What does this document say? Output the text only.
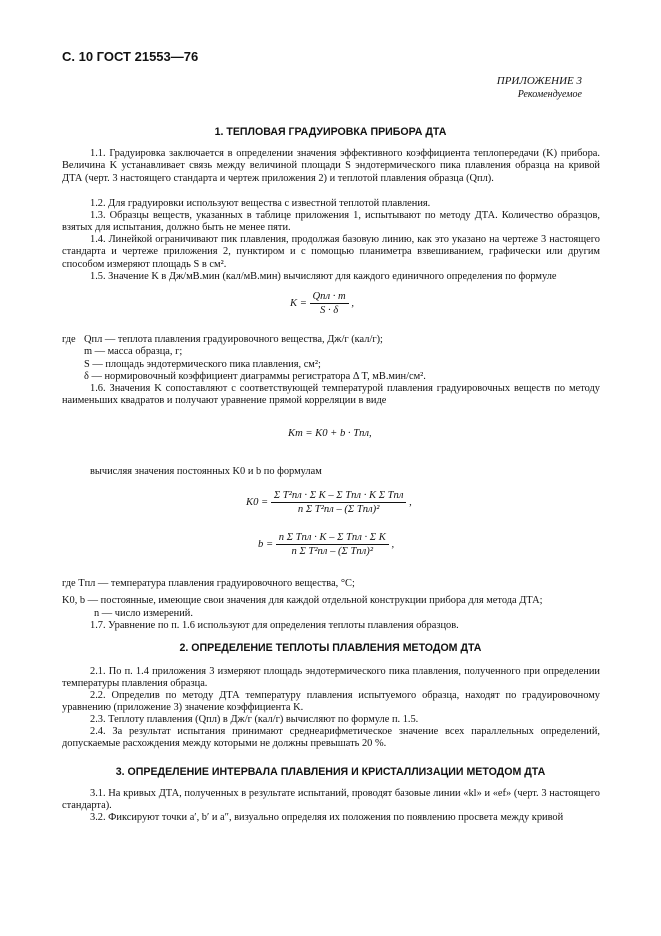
С. 10 ГОСТ 21553—76
ПРИЛОЖЕНИЕ 3
Рекомендуемое
1. ТЕПЛОВАЯ ГРАДУИРОВКА ПРИБОРА ДТА
1.1. Градуировка заключается в определении значения эффективного коэффициента теплопередачи (K) прибора. Величина K устанавливает связь между величиной площади S эндотермического пика плавления образца на кривой ДТА (черт. 3 настоящего стандарта и чертеж приложения 2) и теплотой плавления образца (Qпл).
1.2. Для градуировки используют вещества с известной теплотой плавления.
1.3. Образцы веществ, указанных в таблице приложения 1, испытывают по методу ДТА. Количество образцов, взятых для испытания, должно быть не менее пяти.
1.4. Линейкой ограничивают пик плавления, продолжая базовую линию, как это указано на чертеже 3 настоящего стандарта и чертеже приложения 2, пунктиром и с помощью планиметра взвешиванием, графически или другим способом измеряют площадь S в см².
1.5. Значение K в Дж/мВ.мин (кал/мВ.мин) вычисляют для каждого единичного определения по формуле
$K = \frac{\text{Qпл · m}}{S \cdot \delta}$ ,
где Qпл — теплота плавления градуировочного вещества, Дж/г (кал/г);
m — масса образца, г;
S — площадь эндотермического пика плавления, см²;
δ — нормировочный коэффициент диаграммы регистратора Δ T, мВ.мин/см².
1.6. Значения K сопоставляют с соответствующей температурой плавления градуировочных веществ по методу наименьших квадратов и получают уравнение прямой корреляции в виде
Kт = K0 + b · Tпл,
вычисляя значения постоянных K0 и b по формулам
$K0 = \frac{\text{Σ T²пл · Σ K – Σ Tпл · K Σ Tпл}}{\text{n Σ T²пл – (Σ Tпл)²}}$ ,
$b = \frac{\text{n Σ Tпл · K – Σ Tпл · Σ K}}{\text{n Σ T²пл – (Σ Tпл)²}}$ ,
где Tпл — температура плавления градуировочного вещества, °C;
K0, b — постоянные, имеющие свои значения для каждой отдельной конструкции прибора для метода ДТА;
n — число измерений.
1.7. Уравнение по п. 1.6 используют для определения теплоты плавления образцов.
2. ОПРЕДЕЛЕНИЕ ТЕПЛОТЫ ПЛАВЛЕНИЯ МЕТОДОМ ДТА
2.1. По п. 1.4 приложения 3 измеряют площадь эндотермического пика плавления, полученного при определении температуры плавления образца.
2.2. Определив по методу ДТА температуру плавления испытуемого образца, находят по градуировочному уравнению (приложение 3) значение коэффициента K.
2.3. Теплоту плавления (Qпл) в Дж/г (кал/г) вычисляют по формуле п. 1.5.
2.4. За результат испытания принимают среднеарифметическое значение всех параллельных определений, допускаемые расхождения между которыми не должны превышать 20 %.
3. ОПРЕДЕЛЕНИЕ ИНТЕРВАЛА ПЛАВЛЕНИЯ И КРИСТАЛЛИЗАЦИИ МЕТОДОМ ДТА
3.1. На кривых ДТА, полученных в результате испытаний, проводят базовые линии «kl» и «ef» (черт. 3 настоящего стандарта).
3.2. Фиксируют точки a′, b′ и a″, визуально определяя их положения по появлению просвета между кривой
